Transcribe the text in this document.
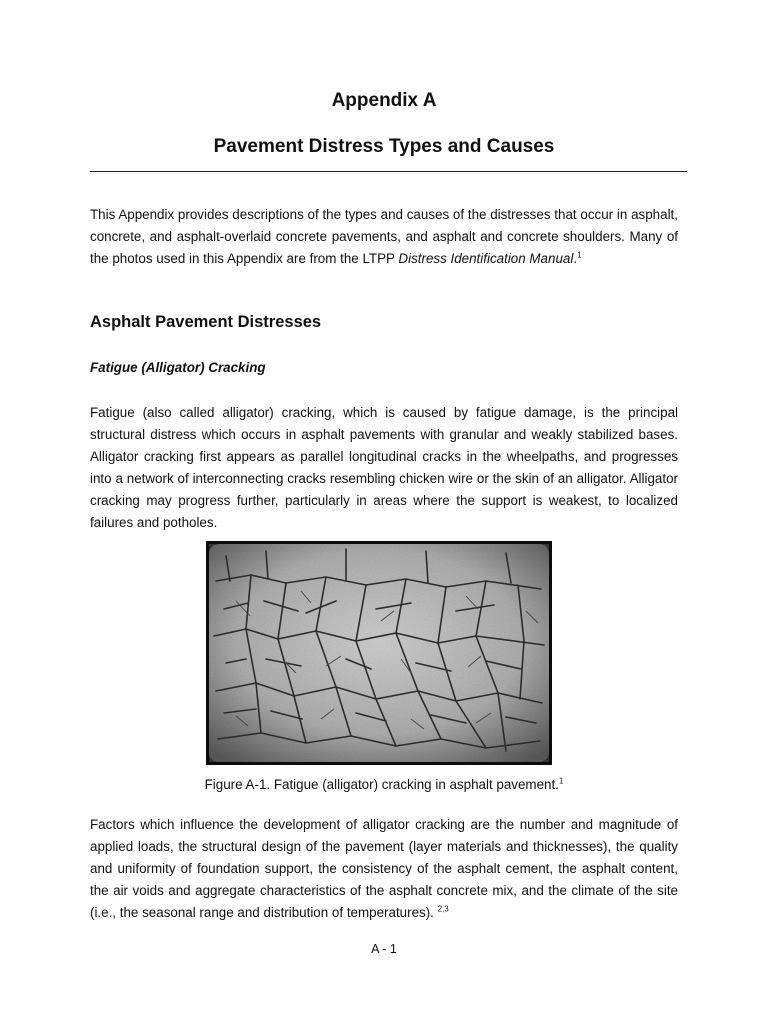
Appendix A
Pavement Distress Types and Causes

This Appendix provides descriptions of the types and causes of the distresses that occur in asphalt, concrete, and asphalt-overlaid concrete pavements, and asphalt and concrete shoulders. Many of the photos used in this Appendix are from the LTPP Distress Identification Manual.$^1$

Asphalt Pavement Distresses
Fatigue (Alligator) Cracking

Fatigue (also called alligator) cracking, which is caused by fatigue damage, is the principal structural distress which occurs in asphalt pavements with granular and weakly stabilized bases. Alligator cracking first appears as parallel longitudinal cracks in the wheelpaths, and progresses into a network of interconnecting cracks resembling chicken wire or the skin of an alligator. Alligator cracking may progress further, particularly in areas where the support is weakest, to localized failures and potholes.

Figure A-1. Fatigue (alligator) cracking in asphalt pavement.$^1$

Factors which influence the development of alligator cracking are the number and magnitude of applied loads, the structural design of the pavement (layer materials and thicknesses), the quality and uniformity of foundation support, the consistency of the asphalt cement, the asphalt content, the air voids and aggregate characteristics of the asphalt concrete mix, and the climate of the site (i.e., the seasonal range and distribution of temperatures). $^{2,3}$

A - 1
